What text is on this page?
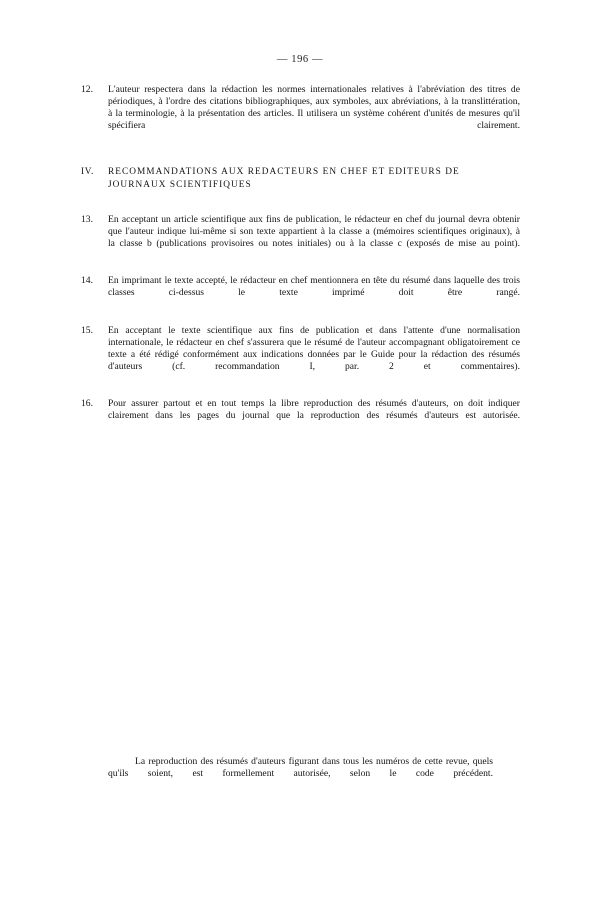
— 196 —
12.	L'auteur respectera dans la rédaction les normes internationales relatives à l'abréviation des titres de périodiques, à l'ordre des citations bibliographiques, aux symboles, aux abréviations, à la translittération, à la terminologie, à la présentation des articles. Il utilisera un système cohérent d'unités de mesures qu'il spécifiera clairement.
IV. RECOMMANDATIONS AUX REDACTEURS EN CHEF ET EDITEURS DE JOURNAUX SCIENTIFIQUES
13.	En acceptant un article scientifique aux fins de publication, le rédacteur en chef du journal devra obtenir que l'auteur indique lui-même si son texte appartient à la classe a (mémoires scientifiques originaux), à la classe b (publications provisoires ou notes initiales) ou à la classe c (exposés de mise au point).
14.	En imprimant le texte accepté, le rédacteur en chef mentionnera en tête du résumé dans laquelle des trois classes ci-dessus le texte imprimé doit être rangé.
15.	En acceptant le texte scientifique aux fins de publication et dans l'attente d'une normalisation internationale, le rédacteur en chef s'assurera que le résumé de l'auteur accompagnant obligatoirement ce texte a été rédigé conformément aux indications données par le Guide pour la rédaction des résumés d'auteurs (cf. recommandation I, par. 2 et commentaires).
16.	Pour assurer partout et en tout temps la libre reproduction des résumés d'auteurs, on doit indiquer clairement dans les pages du journal que la reproduction des résumés d'auteurs est autorisée.
La reproduction des résumés d'auteurs figurant dans tous les numéros de cette revue, quels qu'ils soient, est formellement autorisée, selon le code précédent.
